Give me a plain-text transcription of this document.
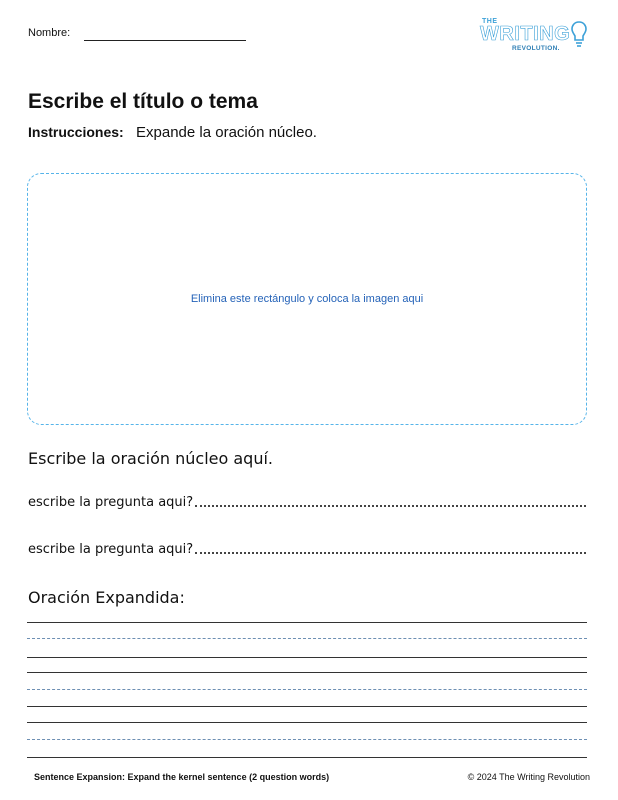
Nombre:
THE
WRITING
REVOLUTION.
Escribe el título o tema
Instrucciones: Expande la oración núcleo.
Elimina este rectángulo y coloca la imagen aqui
Escribe la oración núcleo aquí.
escribe la pregunta aqui?
escribe la pregunta aqui?
Oración Expandida:
Sentence Expansion: Expand the kernel sentence (2 question words)	© 2024 The Writing Revolution
